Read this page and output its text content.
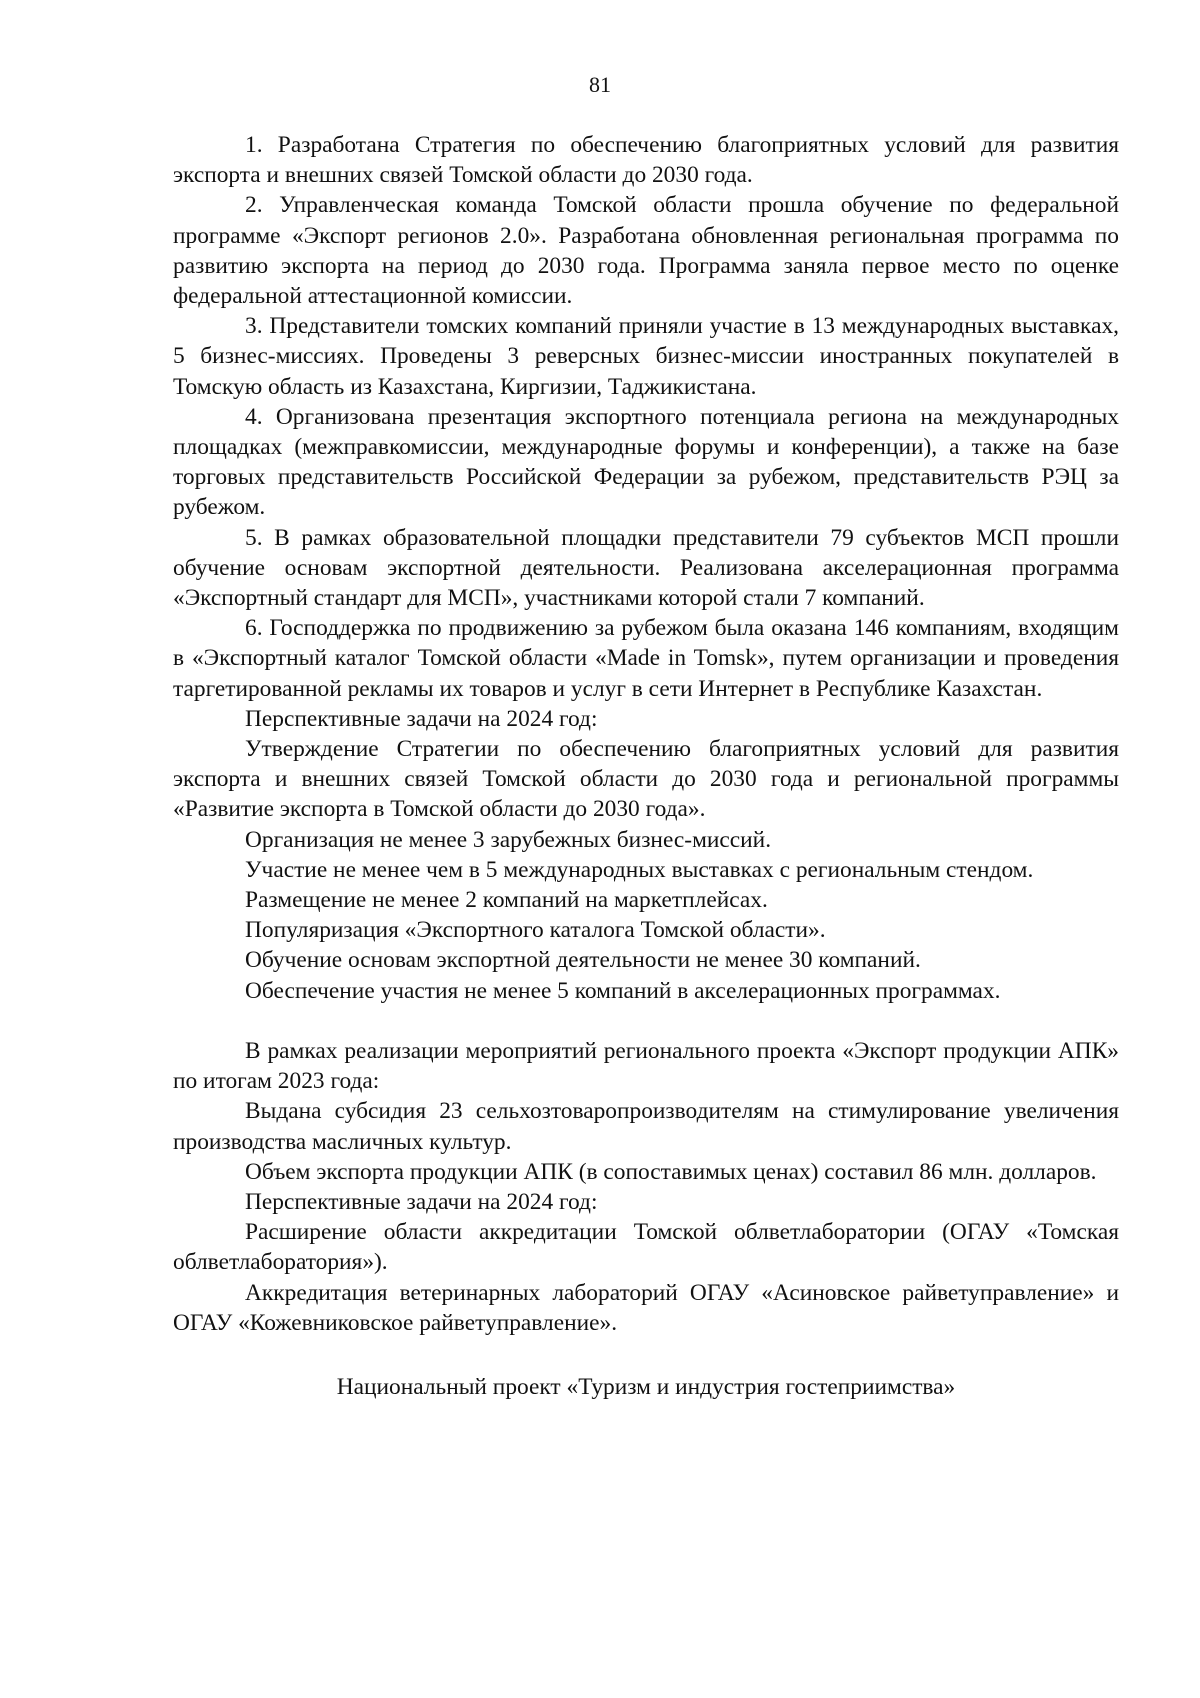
81

1. Разработана Стратегия по обеспечению благоприятных условий для развития экспорта и внешних связей Томской области до 2030 года.

2. Управленческая команда Томской области прошла обучение по федеральной программе «Экспорт регионов 2.0». Разработана обновленная региональная программа по развитию экспорта на период до 2030 года. Программа заняла первое место по оценке федеральной аттестационной комиссии.

3. Представители томских компаний приняли участие в 13 международных выставках, 5 бизнес-миссиях. Проведены 3 реверсных бизнес-миссии иностранных покупателей в Томскую область из Казахстана, Киргизии, Таджикистана.

4. Организована презентация экспортного потенциала региона на международных площадках (межправкомиссии, международные форумы и конференции), а также на базе торговых представительств Российской Федерации за рубежом, представительств РЭЦ за рубежом.

5. В рамках образовательной площадки представители 79 субъектов МСП прошли обучение основам экспортной деятельности. Реализована акселерационная программа «Экспортный стандарт для МСП», участниками которой стали 7 компаний.

6. Господдержка по продвижению за рубежом была оказана 146 компаниям, входящим в «Экспортный каталог Томской области «Made in Tomsk», путем организации и проведения таргетированной рекламы их товаров и услуг в сети Интернет в Республике Казахстан.

Перспективные задачи на 2024 год:

Утверждение Стратегии по обеспечению благоприятных условий для развития экспорта и внешних связей Томской области до 2030 года и региональной программы «Развитие экспорта в Томской области до 2030 года».

Организация не менее 3 зарубежных бизнес-миссий.

Участие не менее чем в 5 международных выставках с региональным стендом.

Размещение не менее 2 компаний на маркетплейсах.

Популяризация «Экспортного каталога Томской области».

Обучение основам экспортной деятельности не менее 30 компаний.

Обеспечение участия не менее 5 компаний в акселерационных программах.

В рамках реализации мероприятий регионального проекта «Экспорт продукции АПК» по итогам 2023 года:

Выдана субсидия 23 сельхозтоваропроизводителям на стимулирование увеличения производства масличных культур.

Объем экспорта продукции АПК (в сопоставимых ценах) составил 86 млн. долларов.

Перспективные задачи на 2024 год:

Расширение области аккредитации Томской облветлаборатории (ОГАУ «Томская облветлаборатория»).

Аккредитация ветеринарных лабораторий ОГАУ «Асиновское райветуправление» и ОГАУ «Кожевниковское райветуправление».

Национальный проект «Туризм и индустрия гостеприимства»
